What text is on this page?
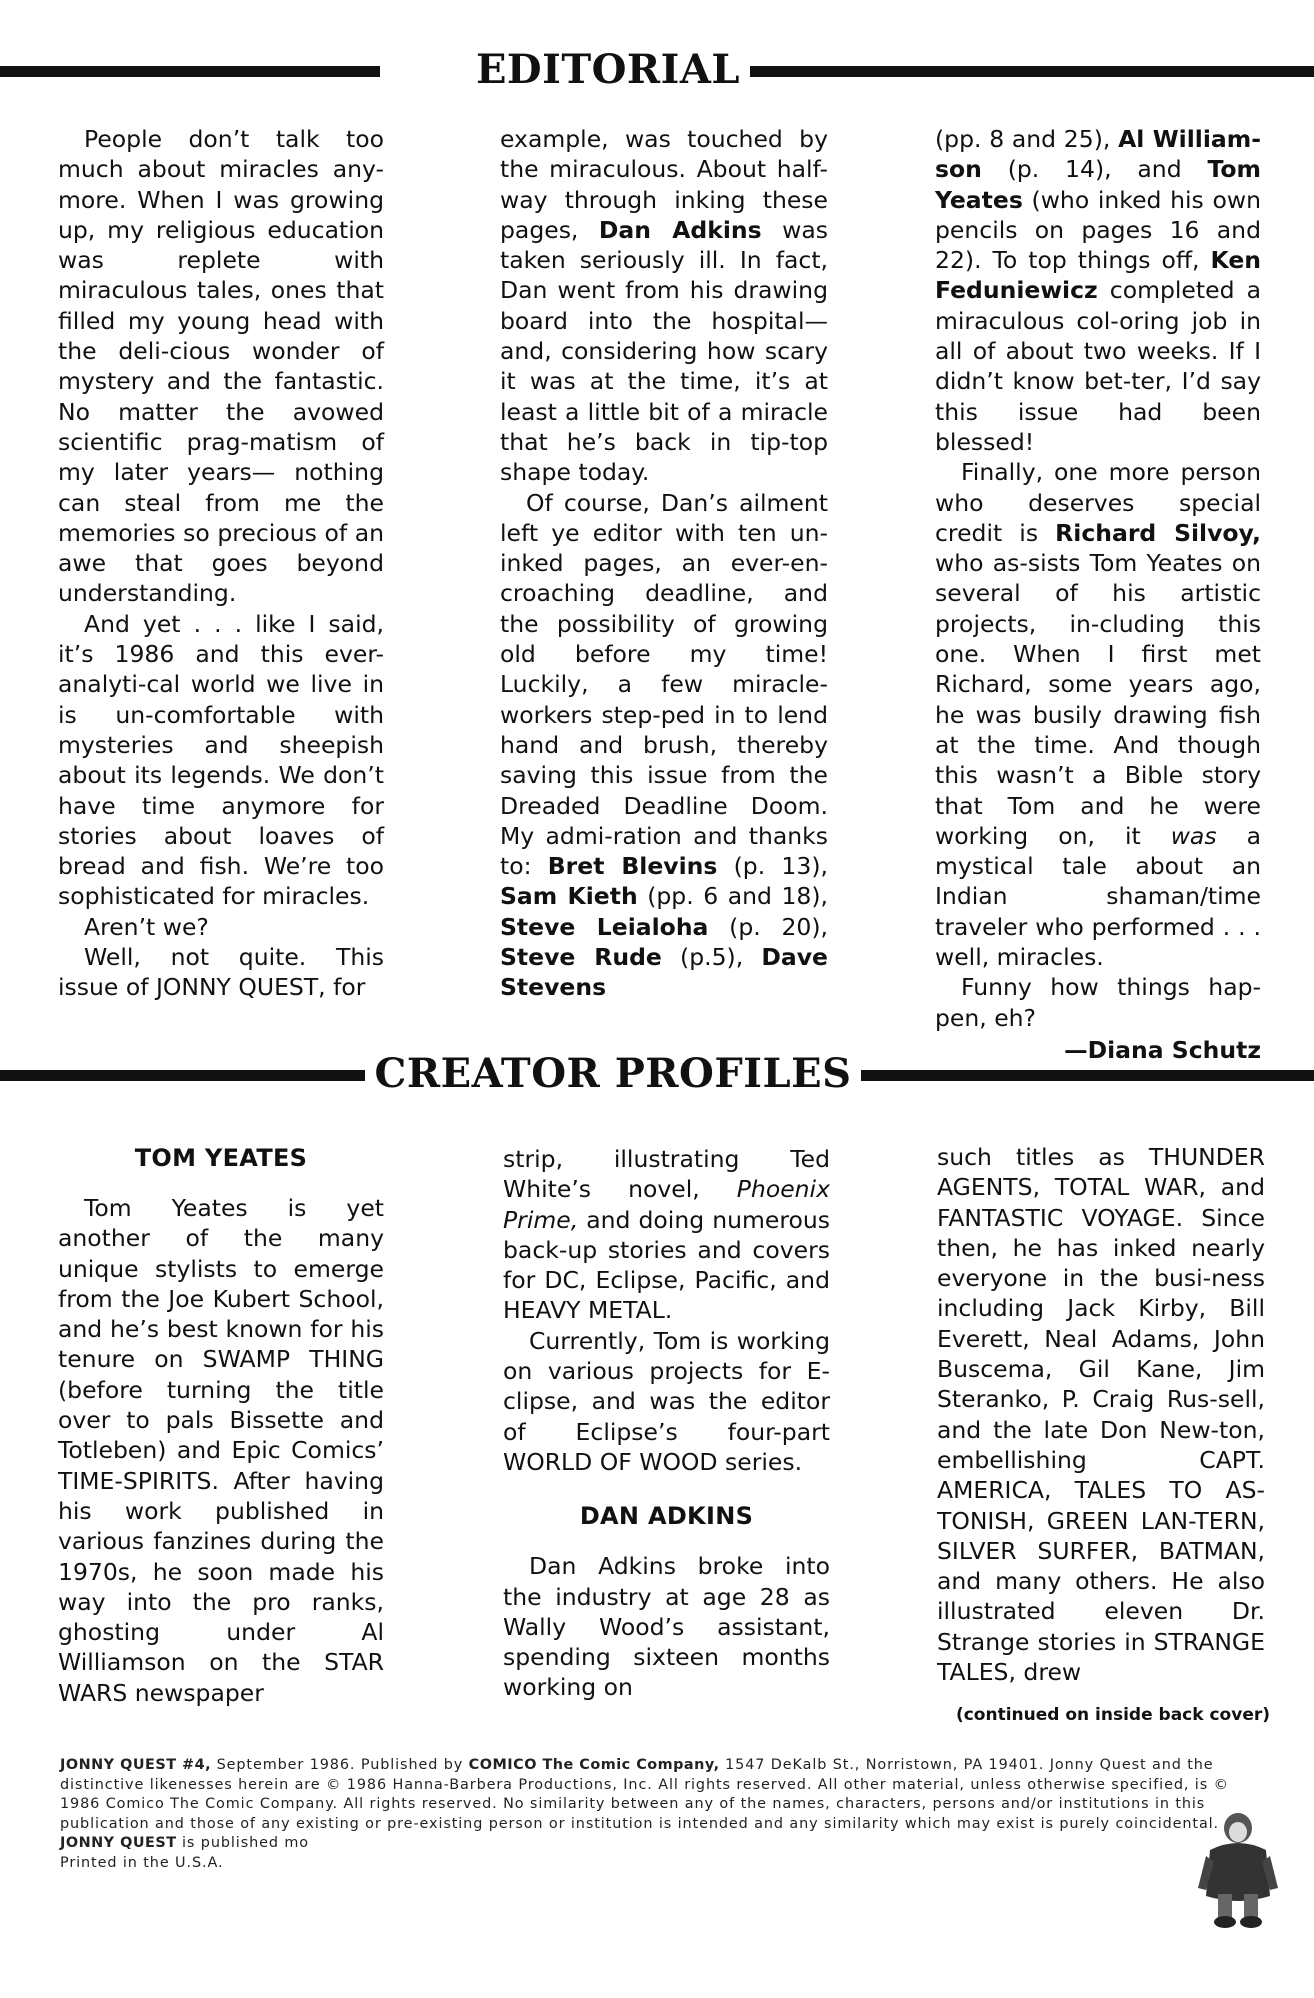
EDITORIAL

People don’t talk too much about miracles any-more. When I was growing up, my religious education was replete with miraculous tales, ones that filled my young head with the deli-cious wonder of mystery and the fantastic. No matter the avowed scientific prag-matism of my later years— nothing can steal from me the memories so precious of an awe that goes beyond understanding.

And yet . . . like I said, it’s 1986 and this ever-analyti-cal world we live in is un-comfortable with mysteries and sheepish about its legends. We don’t have time anymore for stories about loaves of bread and fish. We’re too sophisticated for miracles.

Aren’t we?

Well, not quite. This issue of JONNY QUEST, for

example, was touched by the miraculous. About half-way through inking these pages, Dan Adkins was taken seriously ill. In fact, Dan went from his drawing board into the hospital— and, considering how scary it was at the time, it’s at least a little bit of a miracle that he’s back in tip-top shape today.

Of course, Dan’s ailment left ye editor with ten un-inked pages, an ever-en-croaching deadline, and the possibility of growing old before my time! Luckily, a few miracle-workers step-ped in to lend hand and brush, thereby saving this issue from the Dreaded Deadline Doom. My admi-ration and thanks to: Bret Blevins (p. 13), Sam Kieth (pp. 6 and 18), Steve Leialoha (p. 20), Steve Rude (p.5), Dave Stevens

(pp. 8 and 25), Al William-son (p. 14), and Tom Yeates (who inked his own pencils on pages 16 and 22). To top things off, Ken Feduniewicz completed a miraculous col-oring job in all of about two weeks. If I didn’t know bet-ter, I’d say this issue had been blessed!

Finally, one more person who deserves special credit is Richard Silvoy, who as-sists Tom Yeates on several of his artistic projects, in-cluding this one. When I first met Richard, some years ago, he was busily drawing fish at the time. And though this wasn’t a Bible story that Tom and he were working on, it was a mystical tale about an Indian shaman/time traveler who performed . . . well, miracles.

Funny how things hap-pen, eh?

—Diana Schutz
CREATOR PROFILES
TOM YEATES

Tom Yeates is yet another of the many unique stylists to emerge from the Joe Kubert School, and he’s best known for his tenure on SWAMP THING (before turning the title over to pals Bissette and Totleben) and Epic Comics’ TIME-SPIRITS. After having his work published in various fanzines during the 1970s, he soon made his way into the pro ranks, ghosting under Al Williamson on the STAR WARS newspaper

strip, illustrating Ted White’s novel, Phoenix Prime, and doing numerous back-up stories and covers for DC, Eclipse, Pacific, and HEAVY METAL.

Currently, Tom is working on various projects for E-clipse, and was the editor of Eclipse’s four-part WORLD OF WOOD series.

DAN ADKINS

Dan Adkins broke into the industry at age 28 as Wally Wood’s assistant, spending sixteen months working on

such titles as THUNDER AGENTS, TOTAL WAR, and FANTASTIC VOYAGE. Since then, he has inked nearly everyone in the busi-ness including Jack Kirby, Bill Everett, Neal Adams, John Buscema, Gil Kane, Jim Steranko, P. Craig Rus-sell, and the late Don New-ton, embellishing CAPT. AMERICA, TALES TO AS-TONISH, GREEN LAN-TERN, SILVER SURFER, BATMAN, and many others. He also illustrated eleven Dr. Strange stories in STRANGE TALES, drew

(continued on inside back cover)
JONNY QUEST #4, September 1986. Published by COMICO The Comic Company, 1547 DeKalb St., Norristown, PA 19401. Jonny Quest and the distinctive likenesses herein are © 1986 Hanna-Barbera Productions, Inc. All rights reserved. All other material, unless otherwise specified, is © 1986 Comico The Comic Company. All rights reserved. No similarity between any of the names, characters, persons and/or institutions in this publication and those of any existing or pre-existing person or institution is intended and any similarity which may exist is purely coincidental. JONNY QUEST is published mo
Printed in the U.S.A.
